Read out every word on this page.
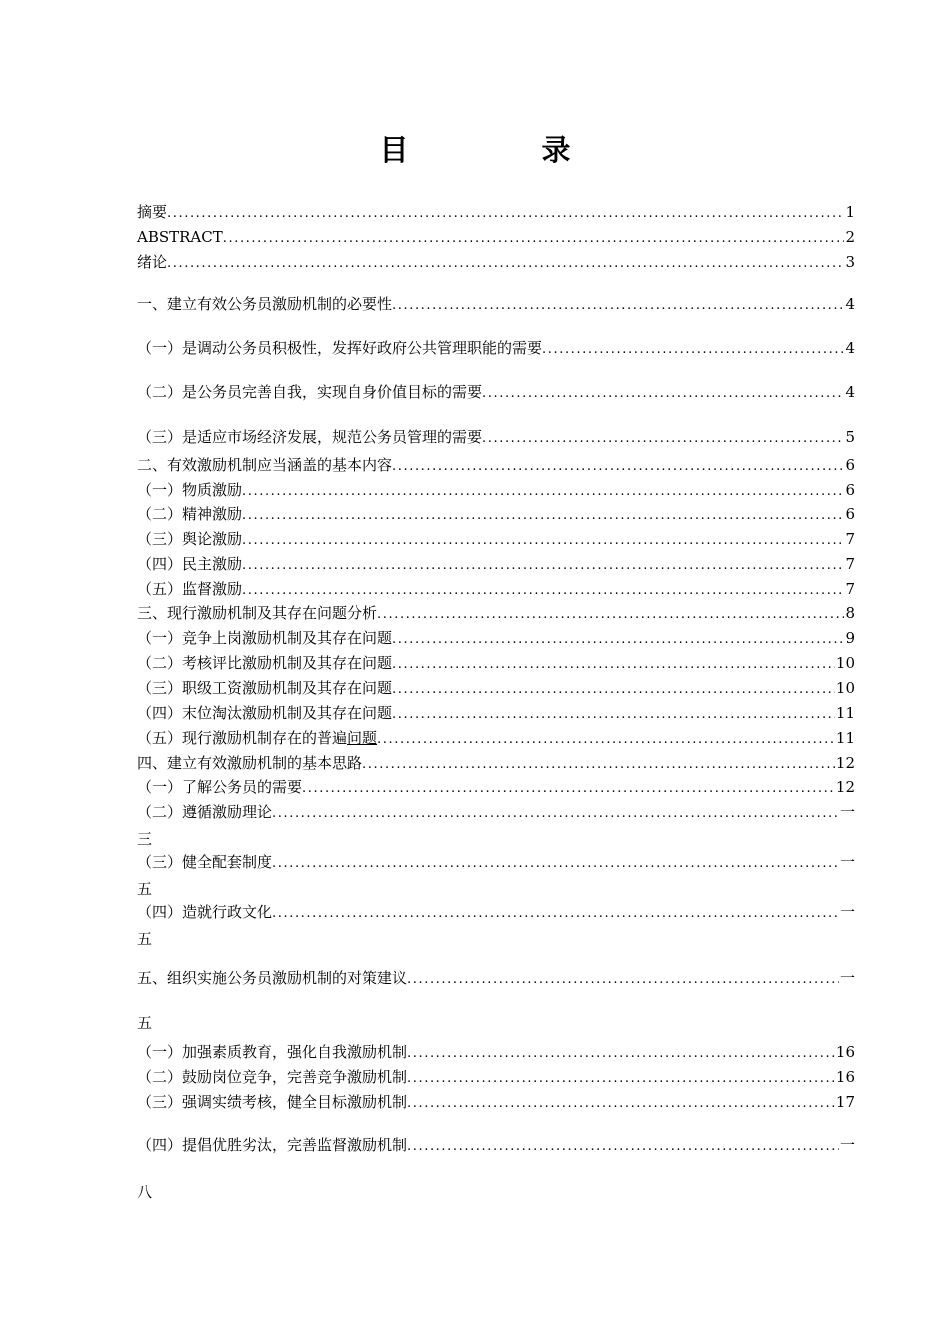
目　录
摘要 .....	1
ABSTRACT .....	2
绪论 .....	3
一、建立有效公务员激励机制的必要性 .....	4
（一）是调动公务员积极性，发挥好政府公共管理职能的需要 .....	4
（二）是公务员完善自我，实现自身价值目标的需要 .....	4
（三）是适应市场经济发展，规范公务员管理的需要 .....	5
二、有效激励机制应当涵盖的基本内容 .....	6
（一）物质激励 .....	6
（二）精神激励 .....	6
（三）舆论激励 .....	7
（四）民主激励 .....	7
（五）监督激励 .....	7
三、现行激励机制及其存在问题分析 .....	8
（一）竞争上岗激励机制及其存在问题 .....	9
（二）考核评比激励机制及其存在问题 .....	10
（三）职级工资激励机制及其存在问题 .....	10
（四）末位淘汰激励机制及其存在问题 .....	11
（五）现行激励机制存在的普遍问题 .....	11
四、建立有效激励机制的基本思路 .....	12
（一）了解公务员的需要 .....	12
（二）遵循激励理论 .....	一
三
（三）健全配套制度 .....	一
五
（四）造就行政文化 .....	一
五
五、组织实施公务员激励机制的对策建议 .....	一
五
（一）加强素质教育，强化自我激励机制 .....	16
（二）鼓励岗位竞争，完善竞争激励机制 .....	16
（三）强调实绩考核，健全目标激励机制 .....	17
（四）提倡优胜劣汰，完善监督激励机制 .....	一
八
